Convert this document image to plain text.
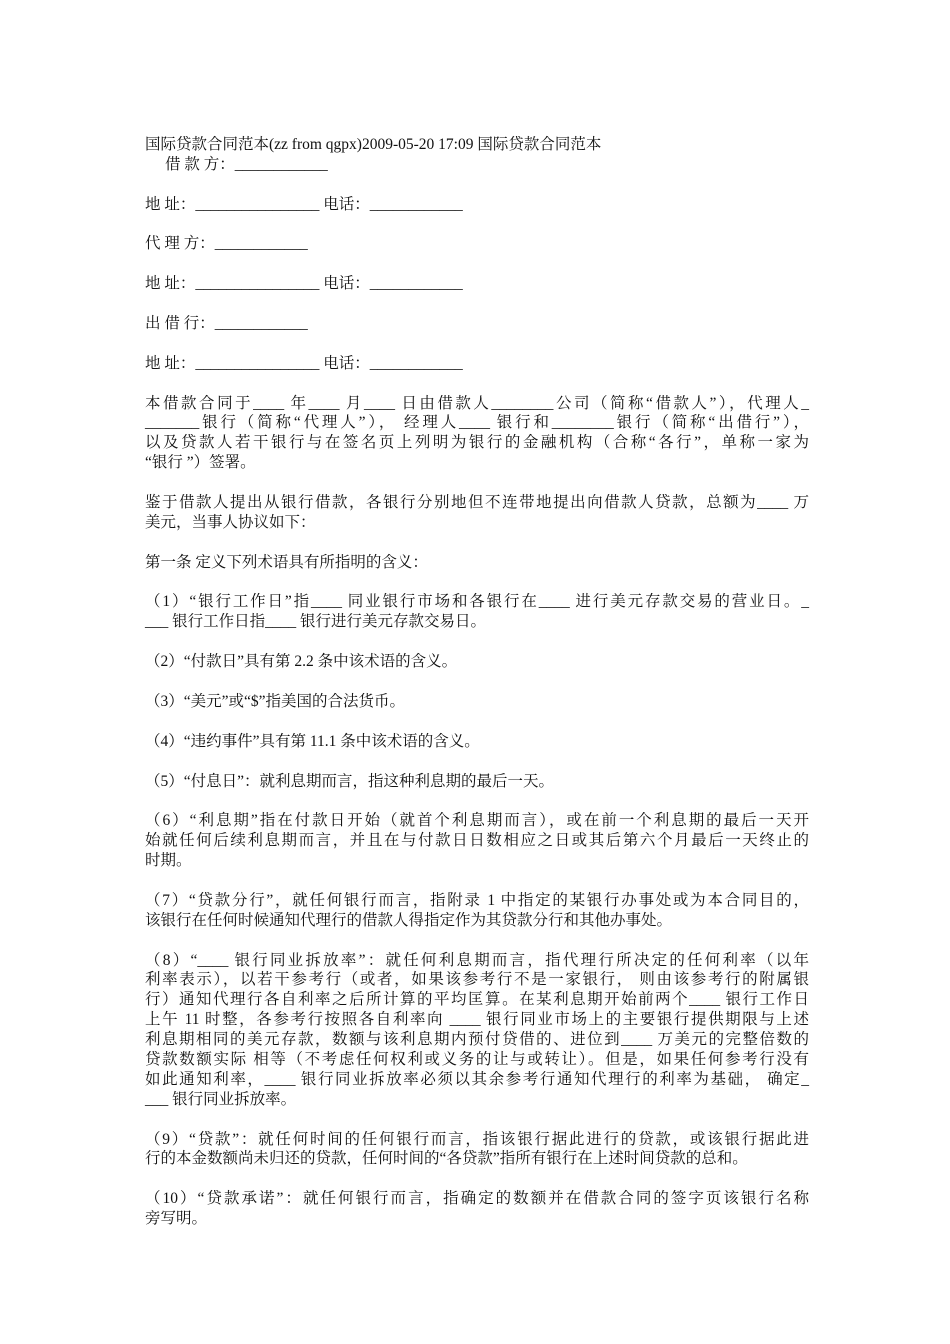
国际贷款合同范本(zz from qgpx)2009-05-20 17:09 国际贷款合同范本
借 款 方：____________
地 址：________________ 电话：____________
代 理 方：____________
地 址：________________ 电话：____________
出 借 行：____________
地 址：________________ 电话：____________
本借款合同于____ 年____ 月____ 日由借款人________公司（简称“借款人”），代理人_
_______银行（简称“代理人”）， 经理人____ 银行和________银行（简称“出借行”），
以及贷款人若干银行与在签名页上列明为银行的金融机构（合称“各行”，单称一家为
“银行 ”）签署。
鉴于借款人提出从银行借款，各银行分别地但不连带地提出向借款人贷款，总额为____ 万
美元，当事人协议如下：
第一条 定义下列术语具有所指明的含义：
（1）“银行工作日”指____ 同业银行市场和各银行在____ 进行美元存款交易的营业日。_
___ 银行工作日指____ 银行进行美元存款交易日。
（2）“付款日”具有第 2.2 条中该术语的含义。
（3）“美元”或“$”指美国的合法货币。
（4）“违约事件”具有第 11.1 条中该术语的含义。
（5）“付息日”：就利息期而言，指这种利息期的最后一天。
（6）“利息期”指在付款日开始（就首个利息期而言），或在前一个利息期的最后一天开
始就任何后续利息期而言，并且在与付款日日数相应之日或其后第六个月最后一天终止的
时期。
（7）“贷款分行”，就任何银行而言，指附录 1 中指定的某银行办事处或为本合同目的，
该银行在任何时候通知代理行的借款人得指定作为其贷款分行和其他办事处。
（8）“____ 银行同业拆放率”：就任何利息期而言，指代理行所决定的任何利率（以年
利率表示），以若干参考行（或者，如果该参考行不是一家银行， 则由该参考行的附属银
行）通知代理行各自利率之后所计算的平均匡算。在某利息期开始前两个____ 银行工作日
上午 11 时整，各参考行按照各自利率向 ____ 银行同业市场上的主要银行提供期限与上述
利息期相同的美元存款，数额与该利息期内预付贷借的、进位到____ 万美元的完整倍数的
贷款数额实际 相等（不考虑任何权利或义务的让与或转让）。但是，如果任何参考行没有
如此通知利率，____ 银行同业拆放率必须以其余参考行通知代理行的利率为基础， 确定_
___ 银行同业拆放率。
（9）“贷款”：就任何时间的任何银行而言，指该银行据此进行的贷款，或该银行据此进
行的本金数额尚未归还的贷款，任何时间的“各贷款”指所有银行在上述时间贷款的总和。
（10）“贷款承诺”：就任何银行而言，指确定的数额并在借款合同的签字页该银行名称
旁写明。
